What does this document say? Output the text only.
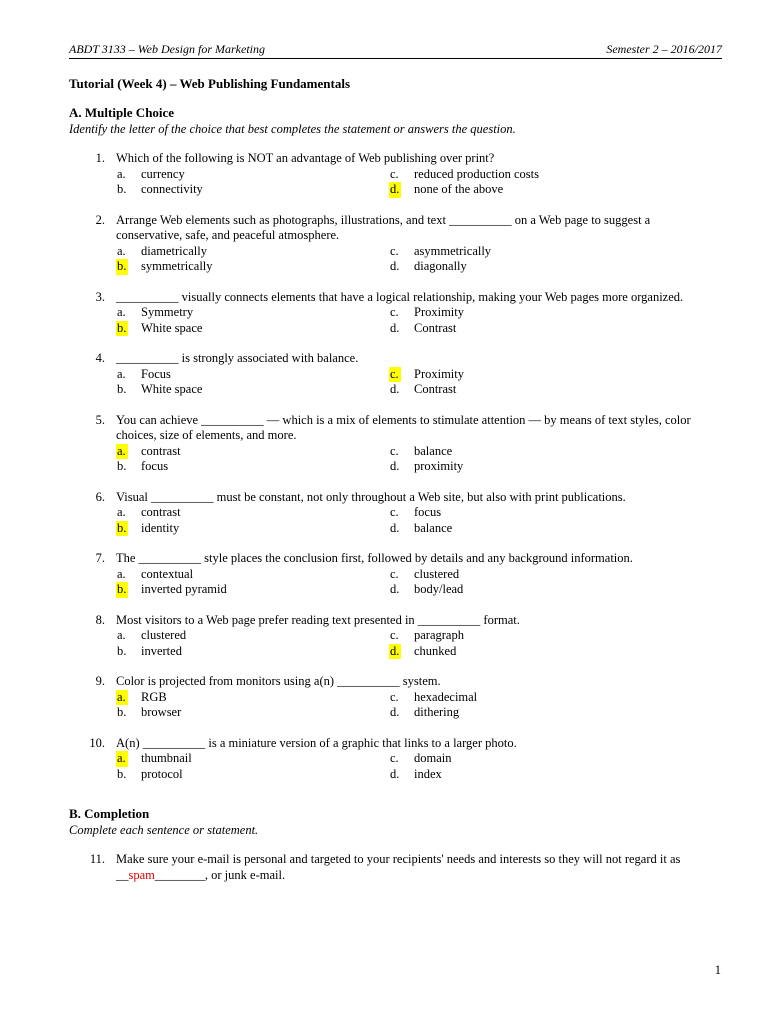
ABDT 3133 – Web Design for Marketing	Semester 2 – 2016/2017
Tutorial (Week 4) – Web Publishing Fundamentals
A. Multiple Choice
Identify the letter of the choice that best completes the statement or answers the question.
1. Which of the following is NOT an advantage of Web publishing over print?
a. currency	c. reduced production costs
b. connectivity	d. none of the above
2. Arrange Web elements such as photographs, illustrations, and text __________ on a Web page to suggest a conservative, safe, and peaceful atmosphere.
a. diametrically	c. asymmetrically
b. symmetrically	d. diagonally
3. __________ visually connects elements that have a logical relationship, making your Web pages more organized.
a. Symmetry	c. Proximity
b. White space	d. Contrast
4. __________ is strongly associated with balance.
a. Focus	c. Proximity
b. White space	d. Contrast
5. You can achieve __________ — which is a mix of elements to stimulate attention — by means of text styles, color choices, size of elements, and more.
a. contrast	c. balance
b. focus	d. proximity
6. Visual __________ must be constant, not only throughout a Web site, but also with print publications.
a. contrast	c. focus
b. identity	d. balance
7. The __________ style places the conclusion first, followed by details and any background information.
a. contextual	c. clustered
b. inverted pyramid	d. body/lead
8. Most visitors to a Web page prefer reading text presented in __________ format.
a. clustered	c. paragraph
b. inverted	d. chunked
9. Color is projected from monitors using a(n) __________ system.
a. RGB	c. hexadecimal
b. browser	d. dithering
10. A(n) __________ is a miniature version of a graphic that links to a larger photo.
a. thumbnail	c. domain
b. protocol	d. index
B. Completion
Complete each sentence or statement.
11. Make sure your e-mail is personal and targeted to your recipients' needs and interests so they will not regard it as __spam________, or junk e-mail.
1
